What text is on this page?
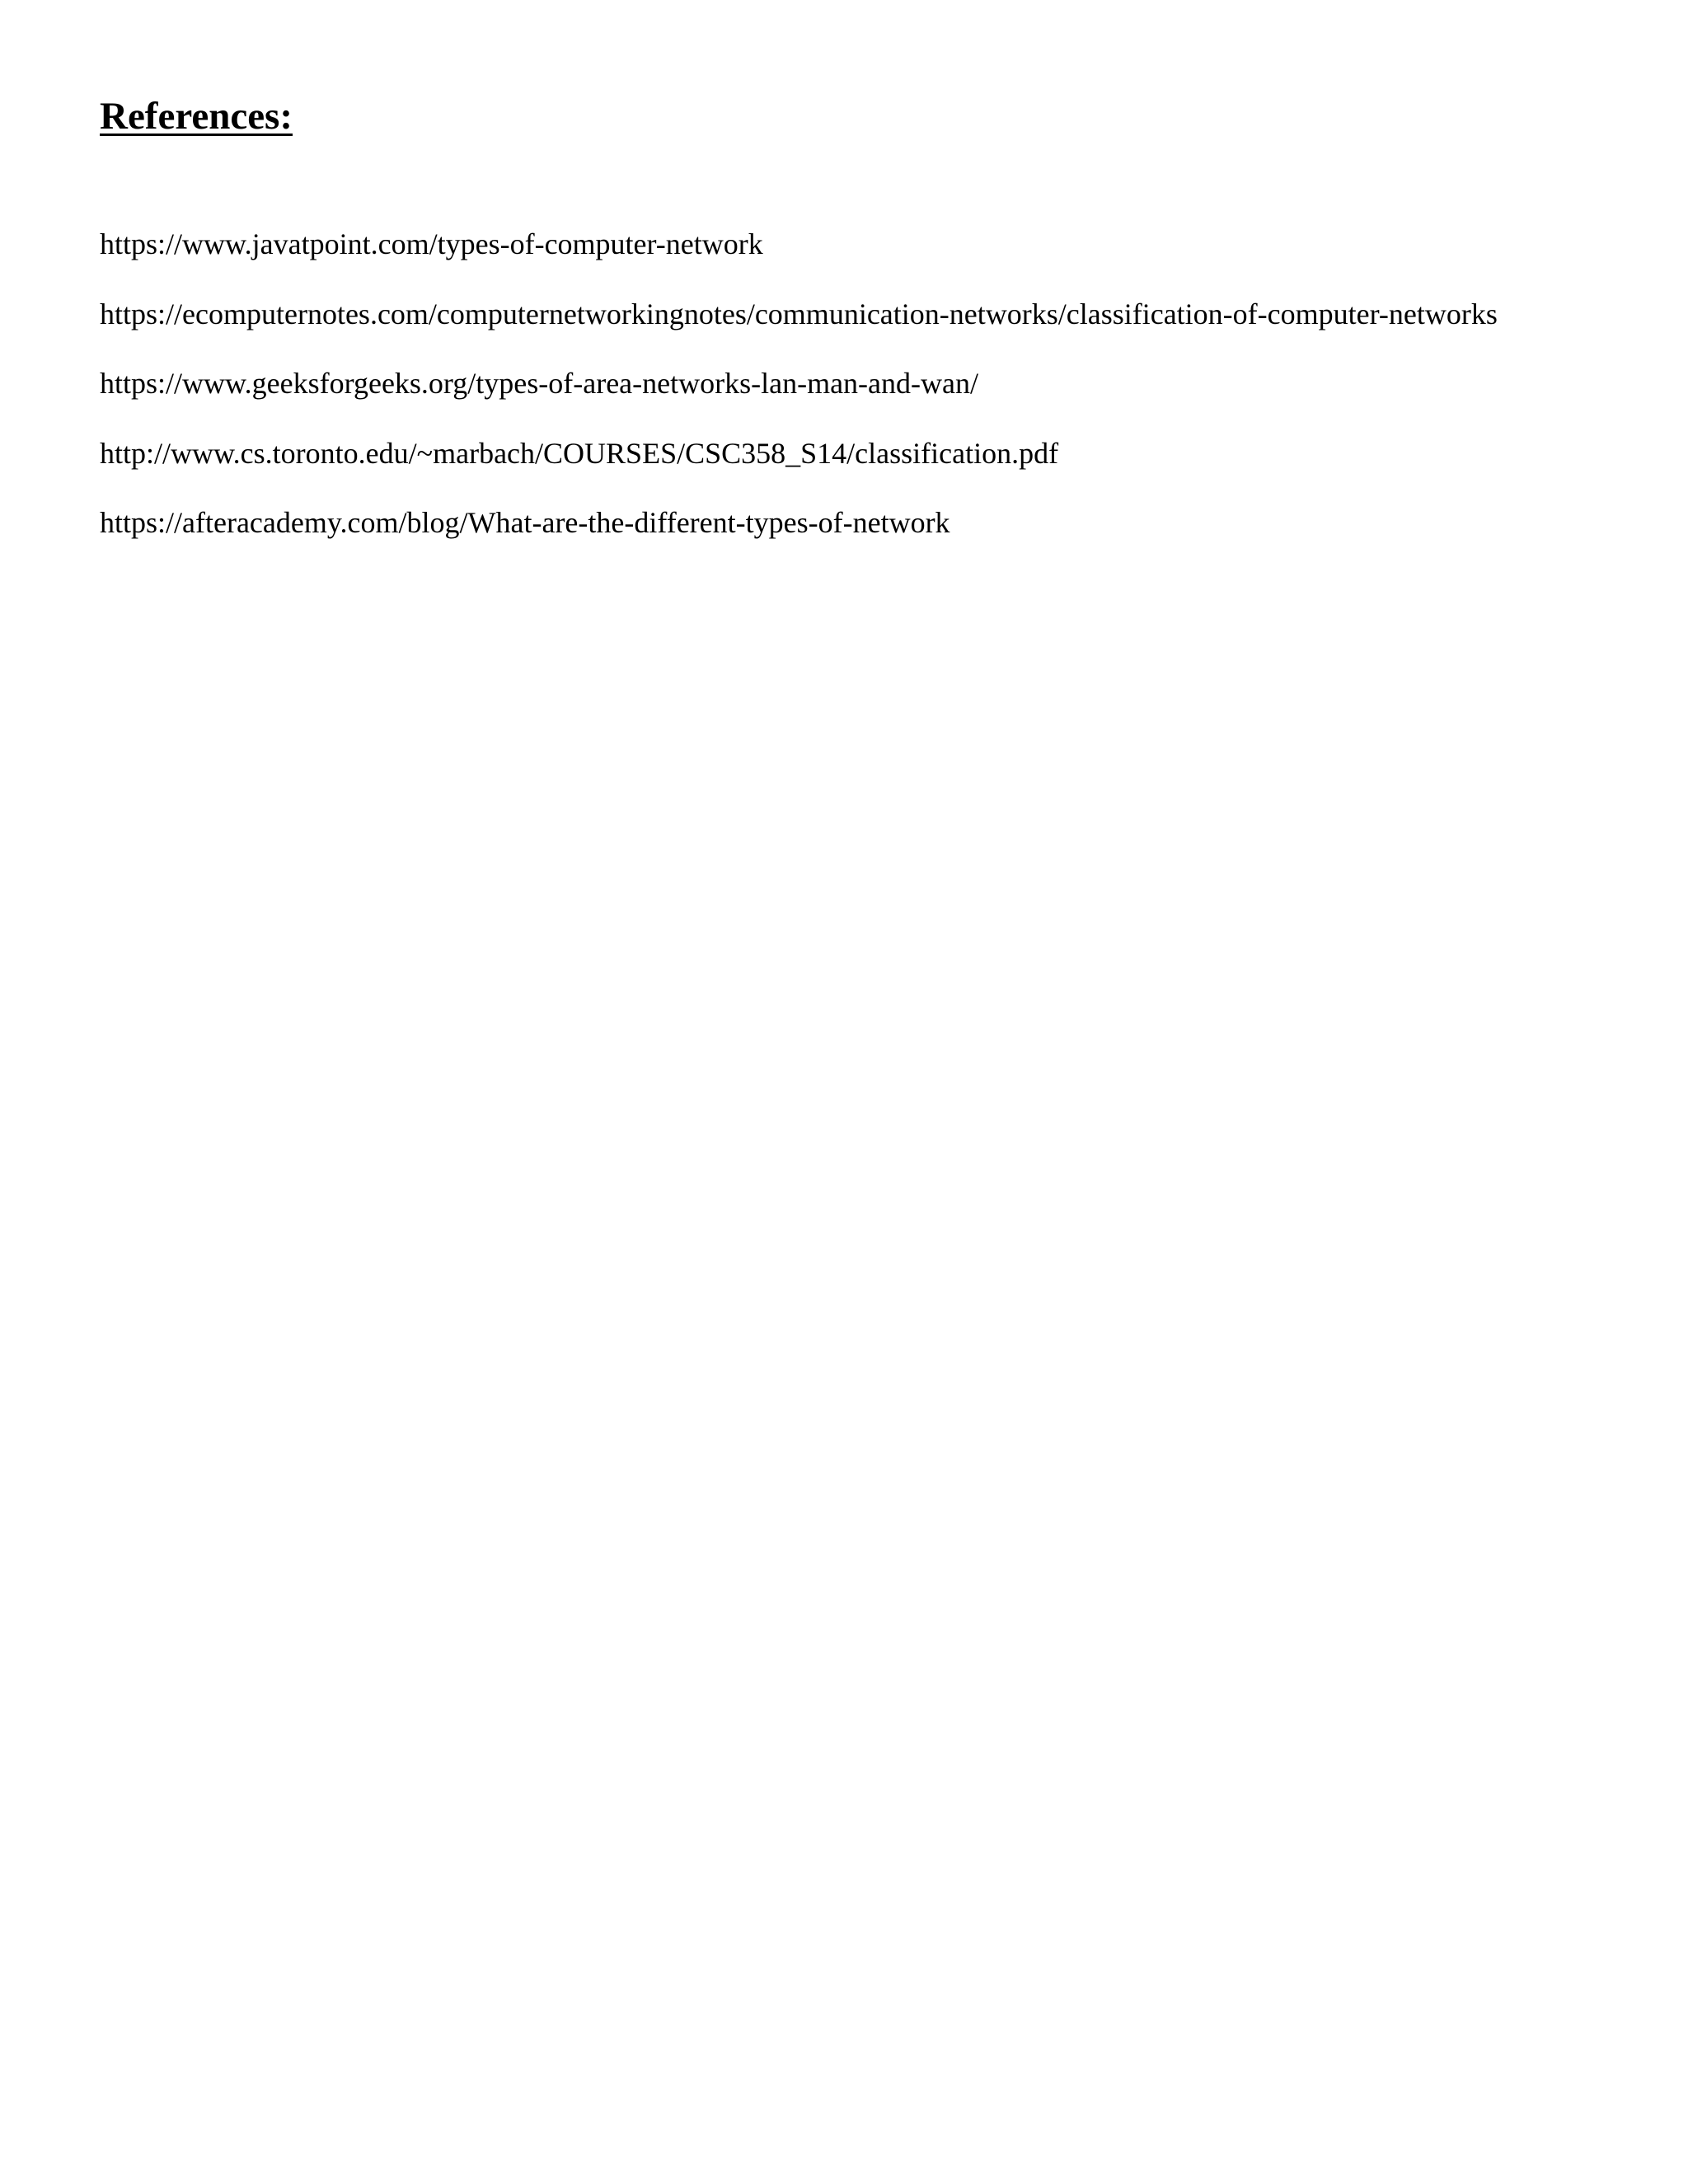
References:
https://www.javatpoint.com/types-of-computer-network
https://ecomputernotes.com/computernetworkingnotes/communication-networks/classification-of-computer-networks
https://www.geeksforgeeks.org/types-of-area-networks-lan-man-and-wan/
http://www.cs.toronto.edu/~marbach/COURSES/CSC358_S14/classification.pdf
https://afteracademy.com/blog/What-are-the-different-types-of-network
